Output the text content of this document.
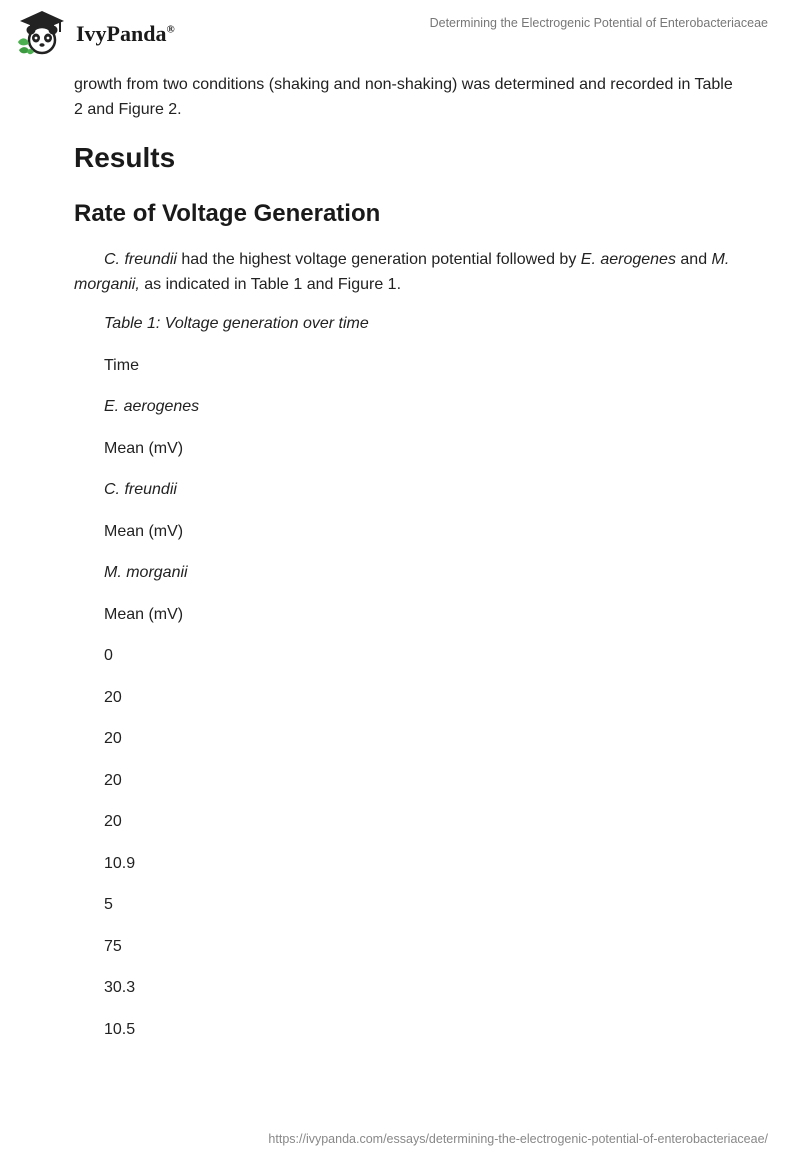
IvyPanda®	Determining the Electrogenic Potential of Enterobacteriaceae

growth from two conditions (shaking and non-shaking) was determined and recorded in Table 2 and Figure 2.

Results
Rate of Voltage Generation

C. freundii had the highest voltage generation potential followed by E. aerogenes and M. morganii, as indicated in Table 1 and Figure 1.

Table 1: Voltage generation over time
Time
E. aerogenes
Mean (mV)
C. freundii
Mean (mV)
M. morganii
Mean (mV)
0
20
20
20
20
10.9
5
75
30.3
10.5
https://ivypanda.com/essays/determining-the-electrogenic-potential-of-enterobacteriaceae/
